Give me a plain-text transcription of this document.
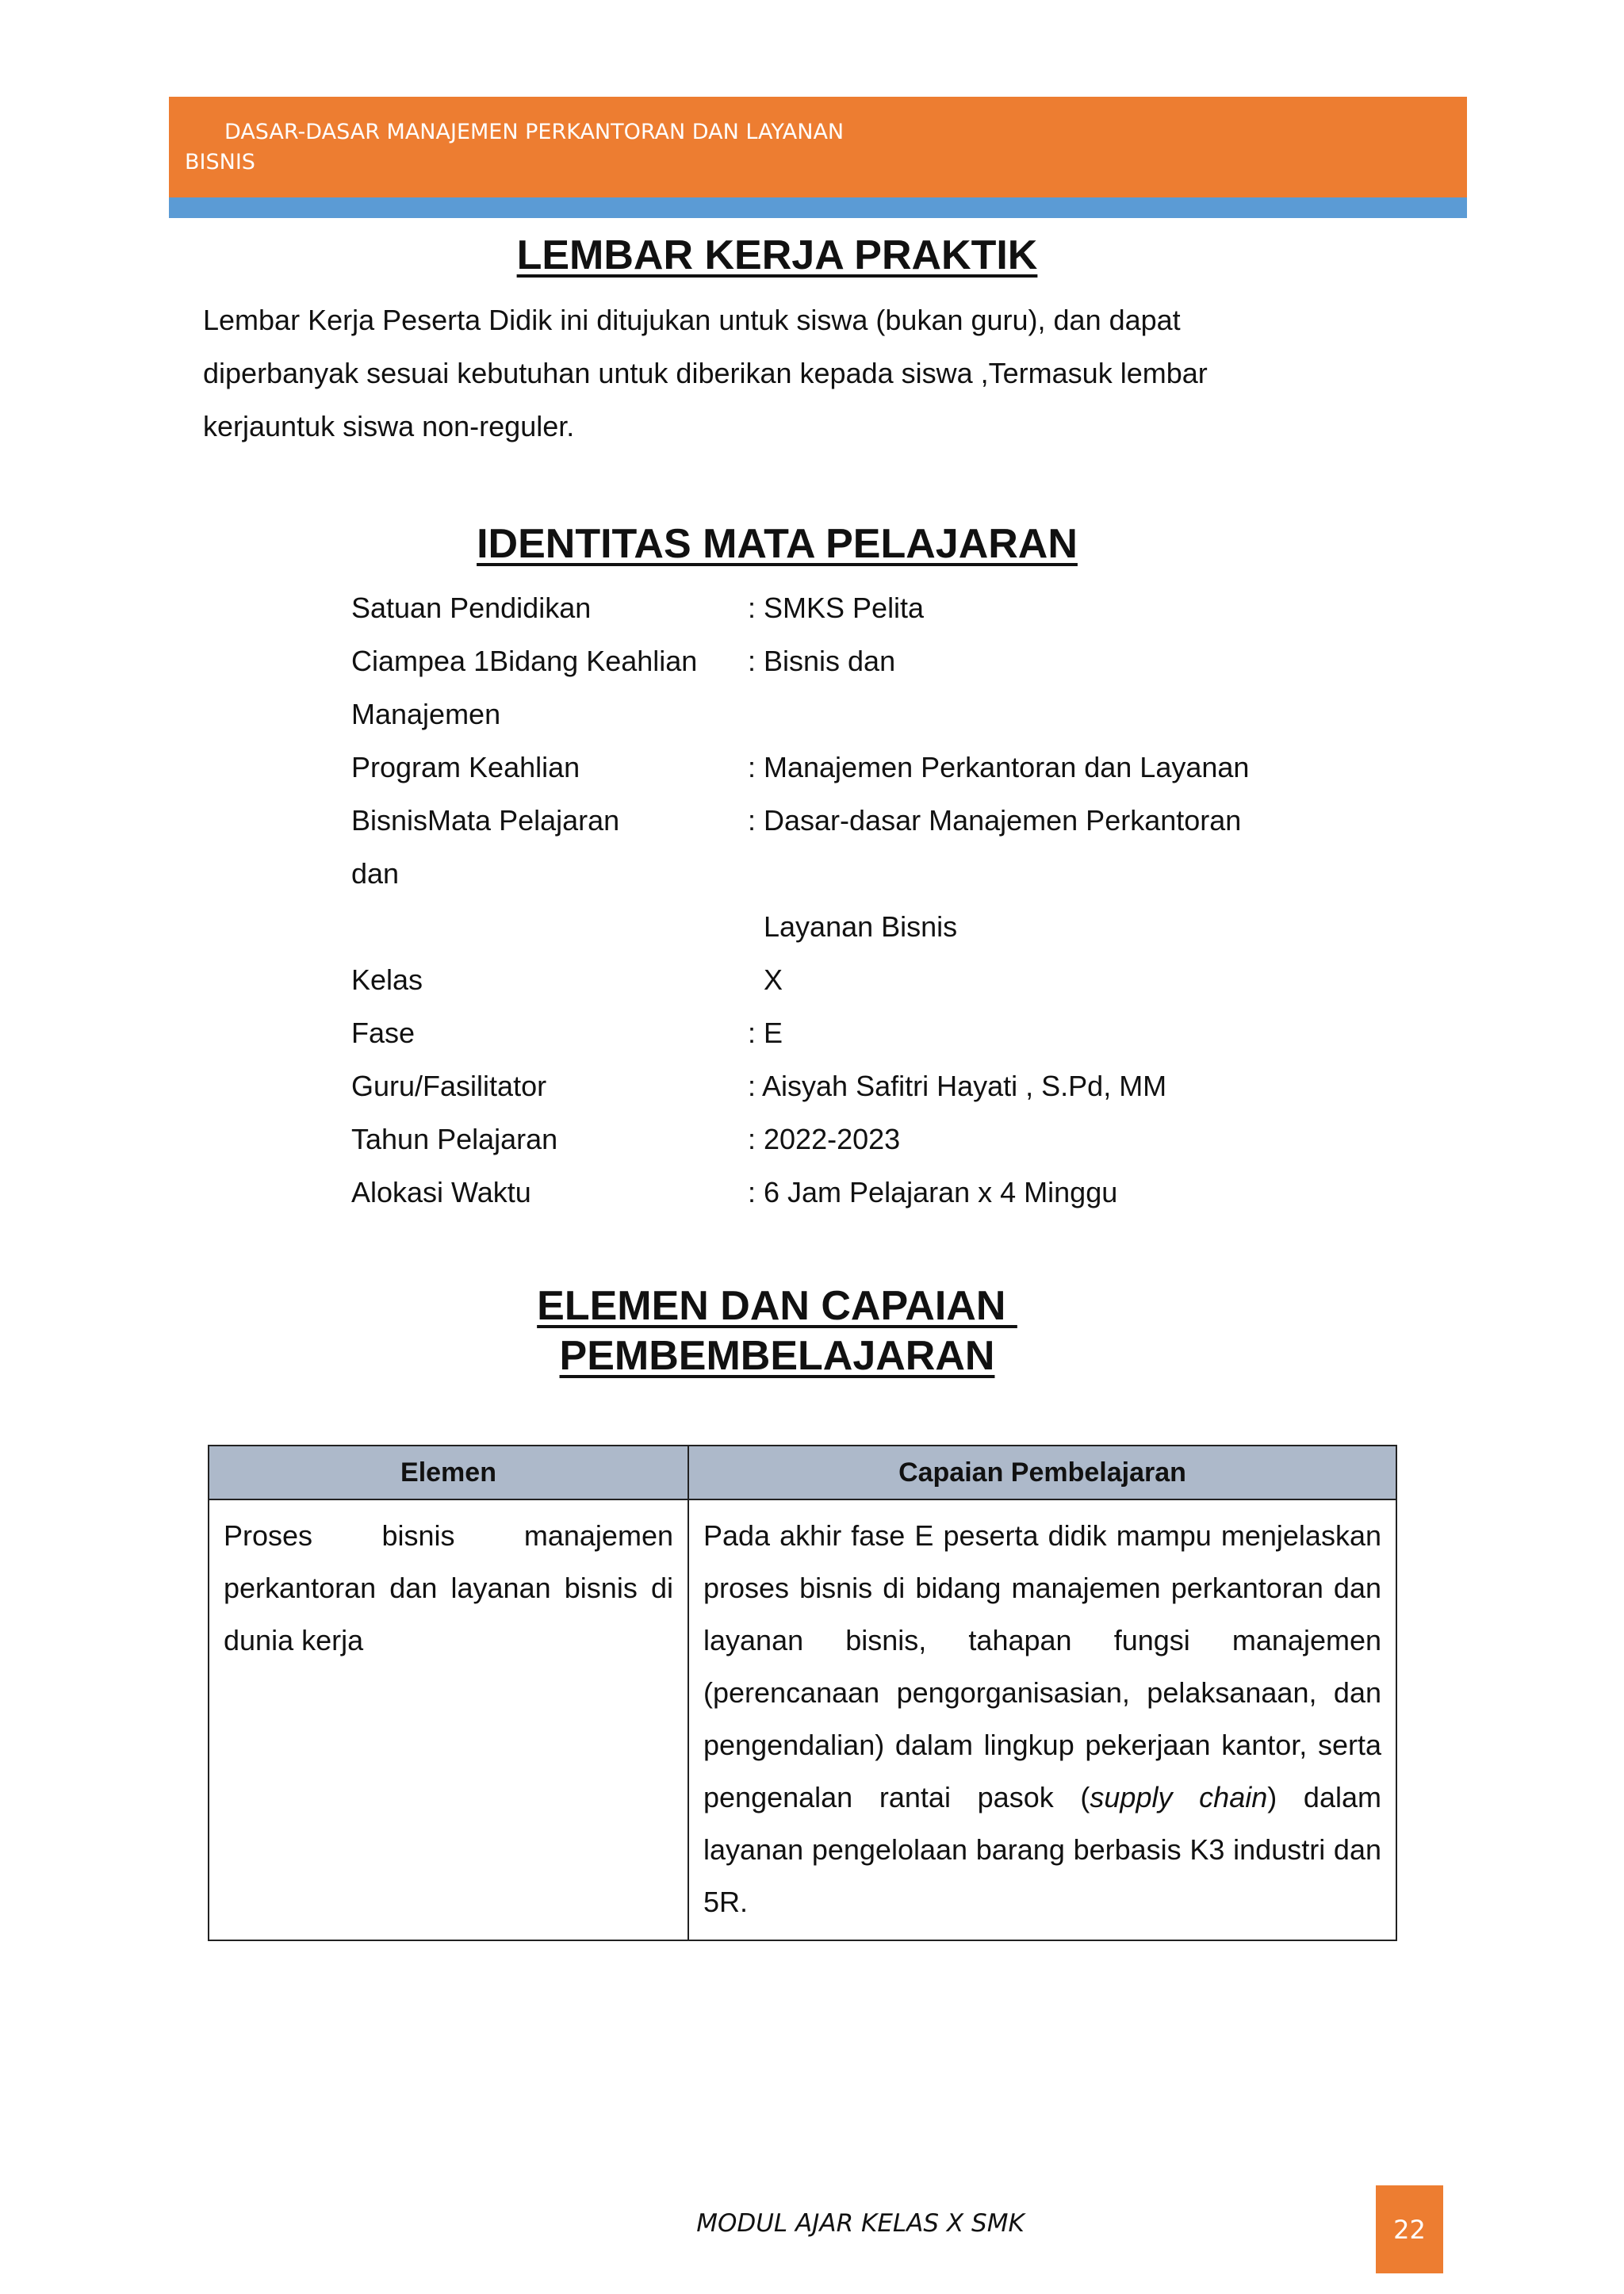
DASAR-DASAR MANAJEMEN PERKANTORAN DAN LAYANAN
BISNIS
LEMBAR KERJA PRAKTIK

Lembar Kerja Peserta Didik ini ditujukan untuk siswa (bukan guru), dan dapat diperbanyak sesuai kebutuhan untuk diberikan kepada siswa ,Termasuk lembar kerjauntuk siswa non-reguler.

IDENTITAS MATA PELAJARAN
Satuan Pendidikan	: SMKS Pelita
Ciampea 1Bidang Keahlian : Bisnis dan
Manajemen
Program Keahlian	: Manajemen Perkantoran dan Layanan
BisnisMata Pelajaran	: Dasar-dasar Manajemen Perkantoran
dan
Layanan Bisnis
Kelas	X
Fase	: E
Guru/Fasilitator	: Aisyah Safitri Hayati , S.Pd, MM
Tahun Pelajaran	: 2022-2023
Alokasi Waktu	: 6 Jam Pelajaran x 4 Minggu
ELEMEN DAN CAPAIAN
PEMBEMBELAJARAN
Elemen	Capaian Pembelajaran
Proses bisnis manajemen perkantoran dan layanan bisnis di dunia kerja	Pada akhir fase E peserta didik mampu menjelaskan proses bisnis di bidang manajemen perkantoran dan layanan bisnis, tahapan fungsi manajemen (perencanaan pengorganisasian, pelaksanaan, dan pengendalian) dalam lingkup pekerjaan kantor, serta pengenalan rantai pasok (supply chain) dalam layanan pengelolaan barang berbasis K3 industri dan 5R.
MODUL AJAR KELAS X SMK	22
